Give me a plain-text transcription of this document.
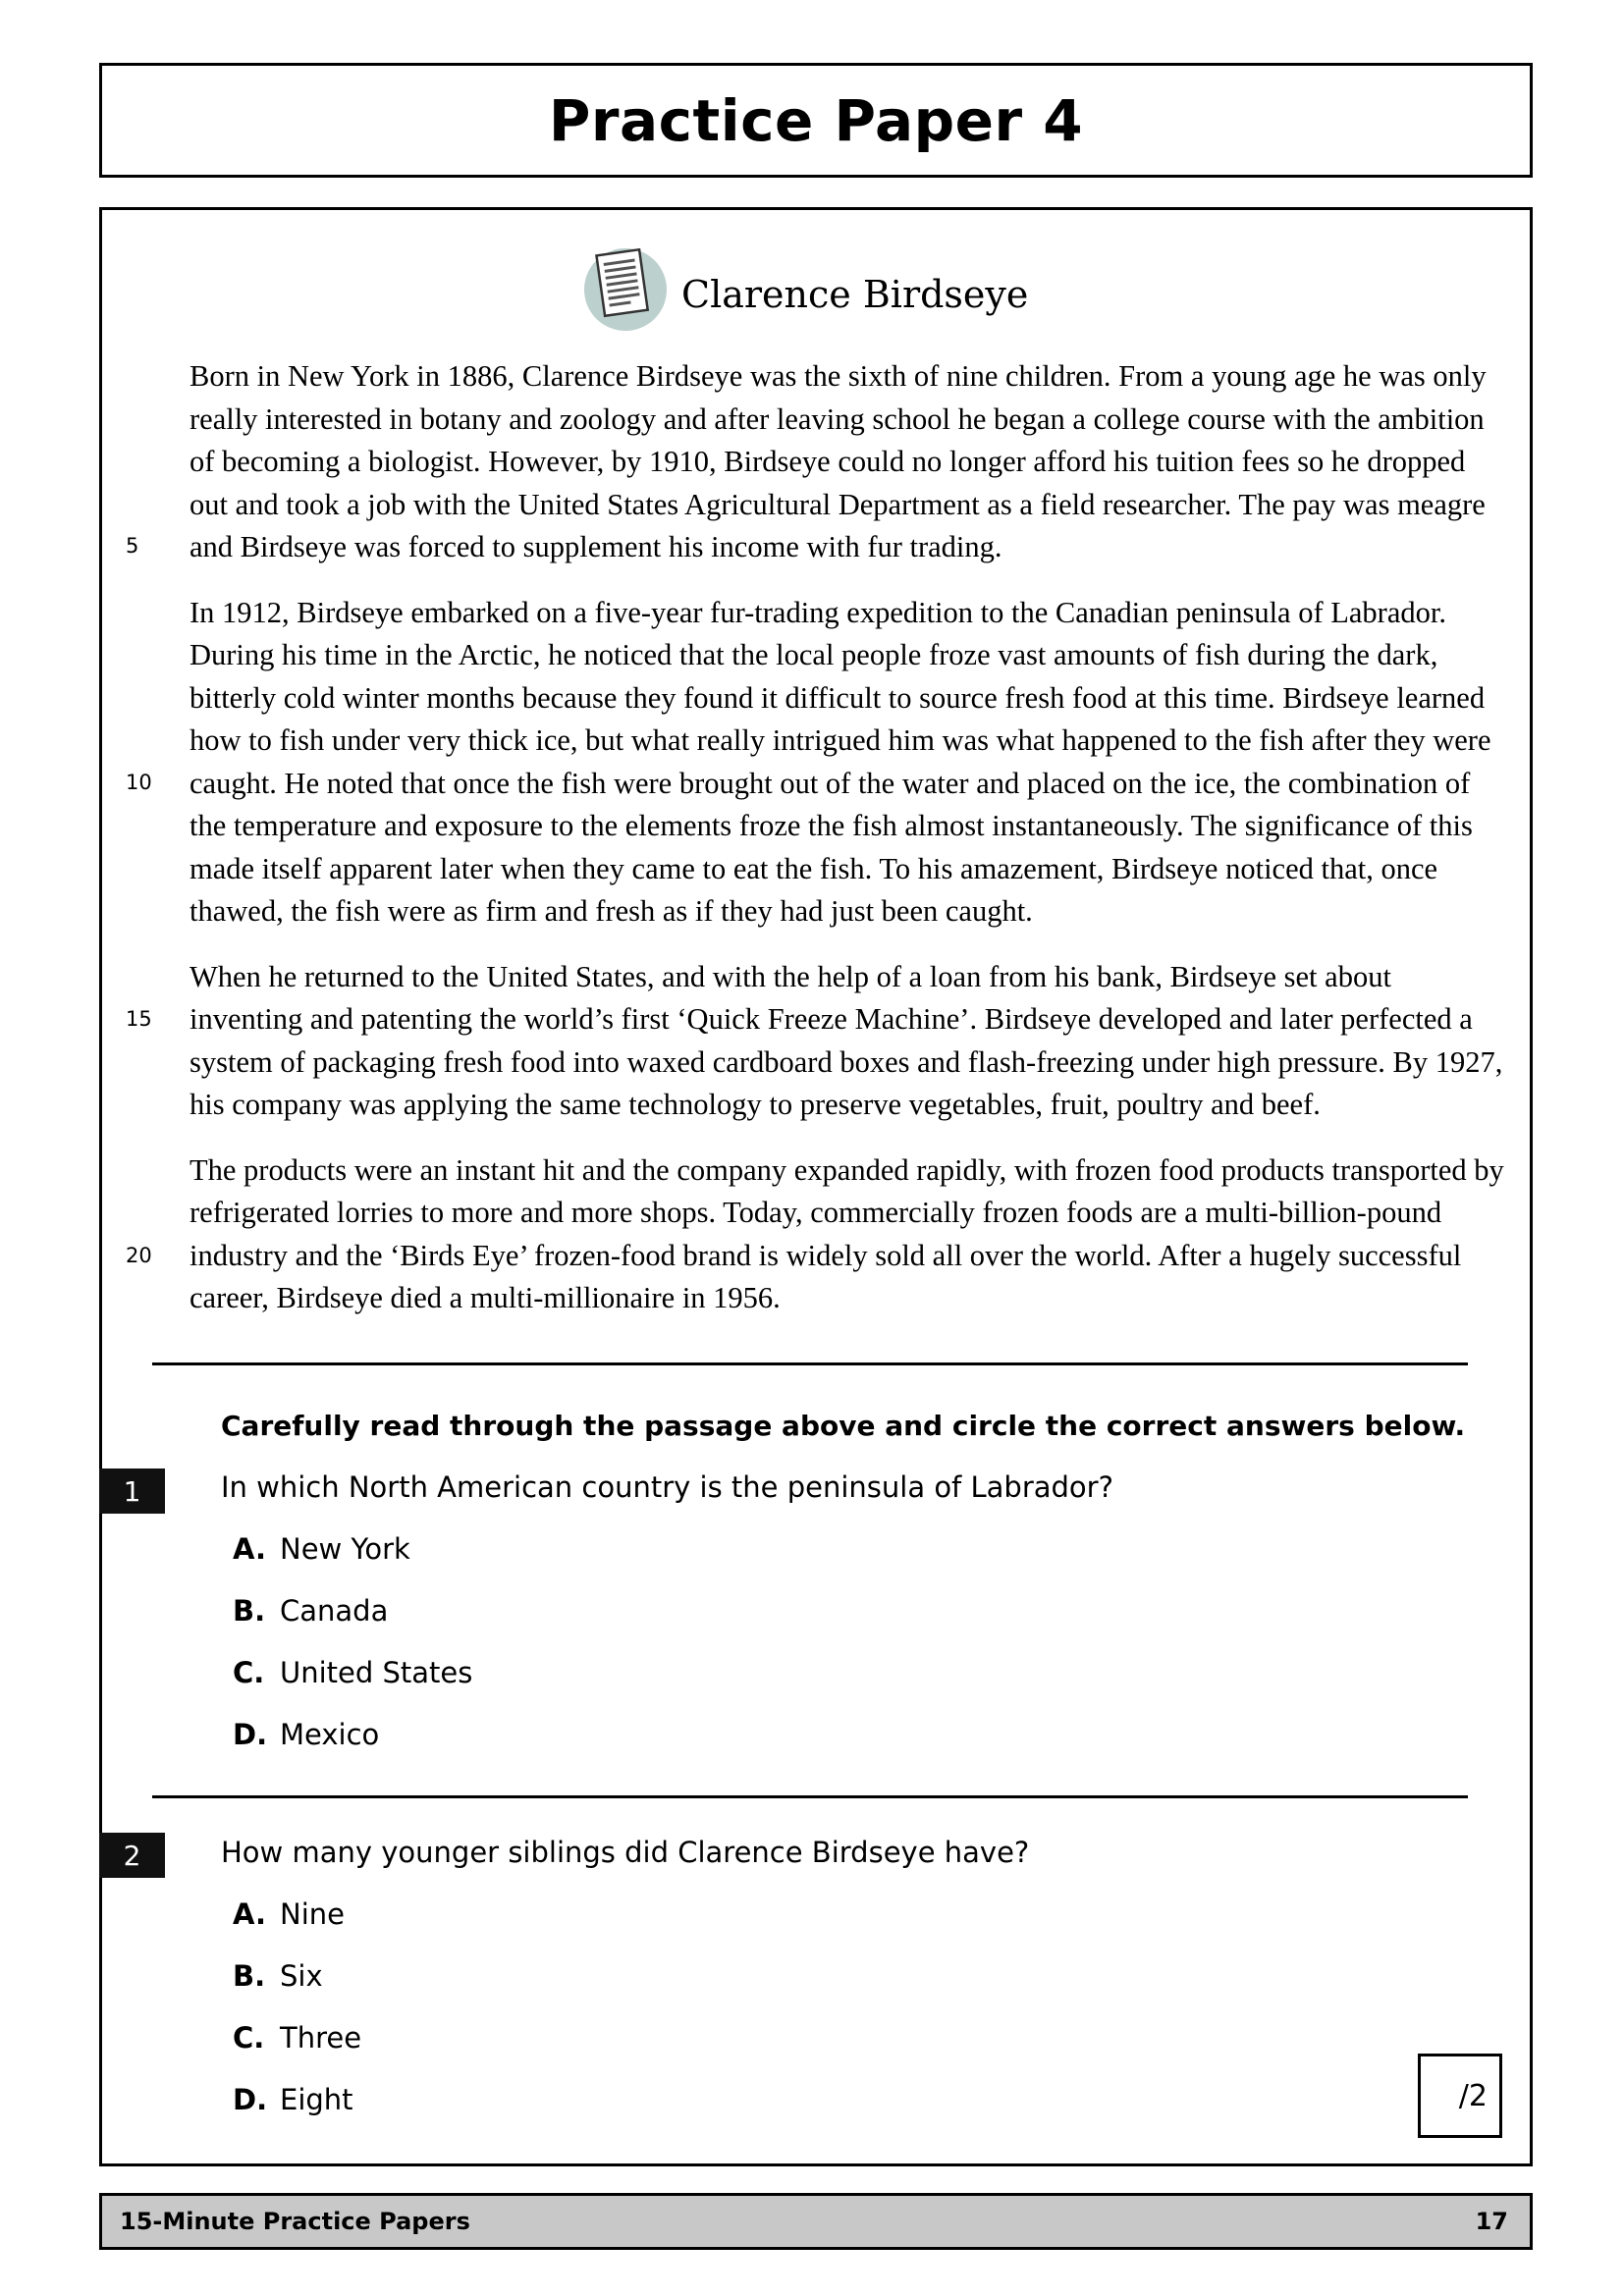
Practice Paper 4
Clarence Birdseye

Born in New York in 1886, Clarence Birdseye was the sixth of nine children. From a young age he was only really interested in botany and zoology and after leaving school he began a college course with the ambition of becoming a biologist. However, by 1910, Birdseye could no longer afford his tuition fees so he dropped out and took a job with the United States Agricultural Department as a field researcher. The pay was meagre and Birdseye was forced to supplement his income with fur trading.

In 1912, Birdseye embarked on a five-year fur-trading expedition to the Canadian peninsula of Labrador. During his time in the Arctic, he noticed that the local people froze vast amounts of fish during the dark, bitterly cold winter months because they found it difficult to source fresh food at this time. Birdseye learned how to fish under very thick ice, but what really intrigued him was what happened to the fish after they were caught. He noted that once the fish were brought out of the water and placed on the ice, the combination of the temperature and exposure to the elements froze the fish almost instantaneously. The significance of this made itself apparent later when they came to eat the fish. To his amazement, Birdseye noticed that, once thawed, the fish were as firm and fresh as if they had just been caught.

When he returned to the United States, and with the help of a loan from his bank, Birdseye set about inventing and patenting the world’s first ‘Quick Freeze Machine’. Birdseye developed and later perfected a system of packaging fresh food into waxed cardboard boxes and flash-freezing under high pressure. By 1927, his company was applying the same technology to preserve vegetables, fruit, poultry and beef.

The products were an instant hit and the company expanded rapidly, with frozen food products transported by refrigerated lorries to more and more shops. Today, commercially frozen foods are a multi-billion-pound industry and the ‘Birds Eye’ frozen-food brand is widely sold all over the world. After a hugely successful career, Birdseye died a multi-millionaire in 1956.

5
10
15
20
Carefully read through the passage above and circle the correct answers below.
1	In which North American country is the peninsula of Labrador?
A. New York
B. Canada
C. United States
D. Mexico
2	How many younger siblings did Clarence Birdseye have?
A. Nine
B. Six
C. Three
D. Eight	/2
15-Minute Practice Papers	17
